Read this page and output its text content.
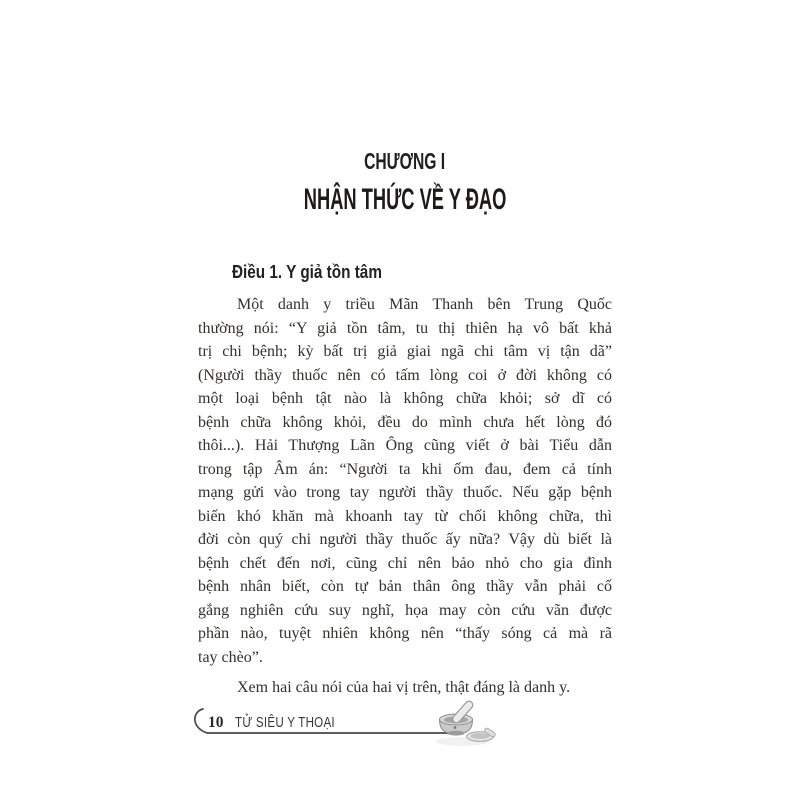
CHƯƠNG I
NHẬN THỨC VỀ Y ĐẠO
Điều 1. Y giả tồn tâm
Một danh y triều Mãn Thanh bên Trung Quốc
thường nói: “Y giả tồn tâm, tu thị thiên hạ vô bất khả
trị chi bệnh; kỳ bất trị giả giai ngã chi tâm vị tận dã”
(Người thầy thuốc nên có tấm lòng coi ở đời không có
một loại bệnh tật nào là không chữa khỏi; sở dĩ có
bệnh chữa không khỏi, đều do mình chưa hết lòng đó
thôi...). Hải Thượng Lãn Ông cũng viết ở bài Tiểu dẫn
trong tập Âm án: “Người ta khi ốm đau, đem cả tính
mạng gửi vào trong tay người thầy thuốc. Nếu gặp bệnh
biến khó khăn mà khoanh tay từ chối không chữa, thì
đời còn quý chi người thầy thuốc ấy nữa? Vậy dù biết là
bệnh chết đến nơi, cũng chỉ nên bảo nhỏ cho gia đình
bệnh nhân biết, còn tự bản thân ông thầy vẫn phải cố
gắng nghiên cứu suy nghĩ, họa may còn cứu vãn được
phần nào, tuyệt nhiên không nên “thấy sóng cả mà rã
tay chèo”.
Xem hai câu nói của hai vị trên, thật đáng là danh y.
10 TỬ SIÊU Y THOẠI
